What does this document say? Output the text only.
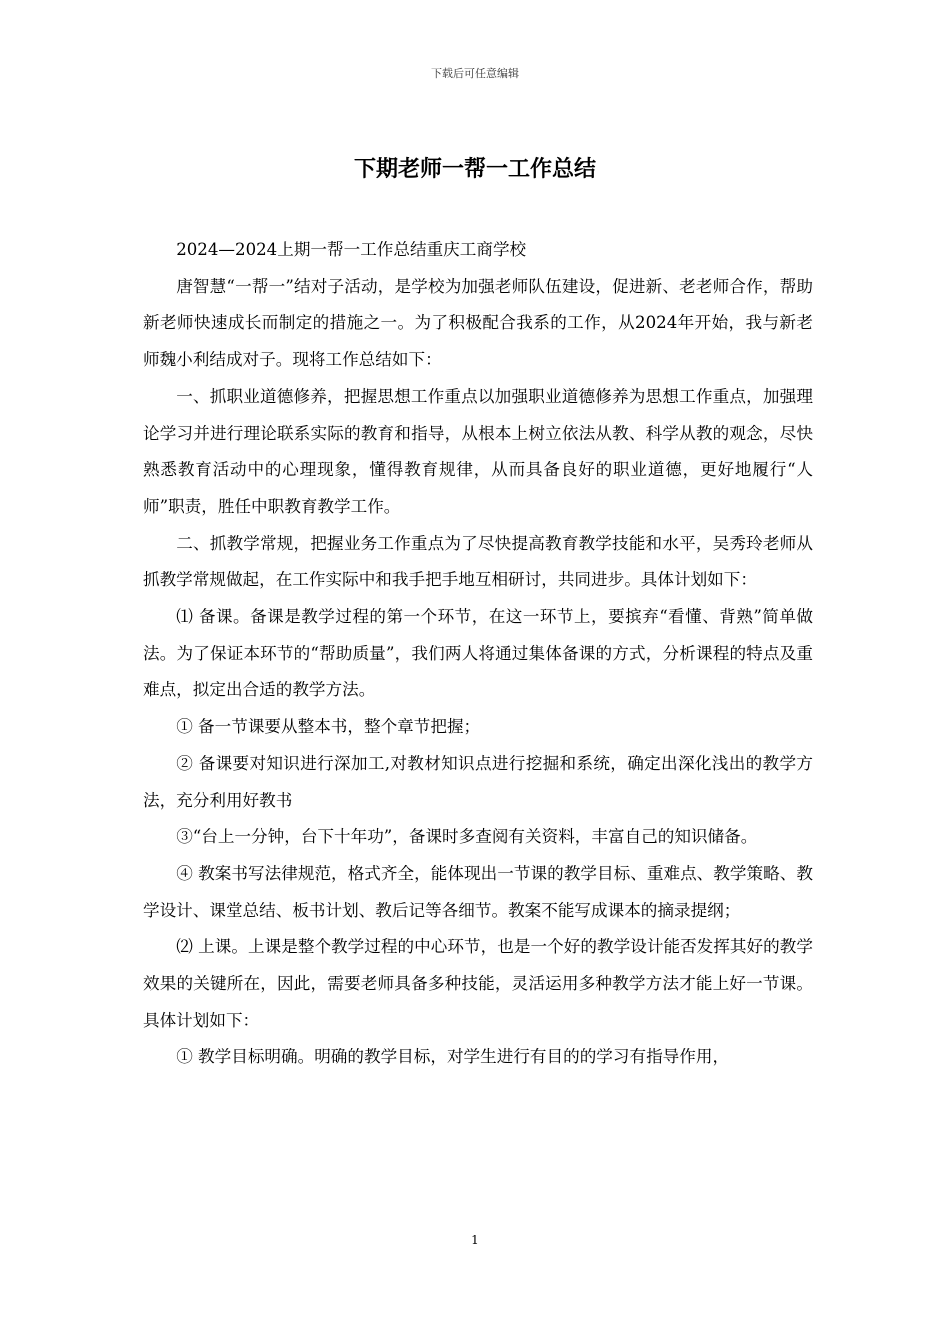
下载后可任意编辑
下期老师一帮一工作总结

2024—2024上期一帮一工作总结重庆工商学校

唐智慧“一帮一”结对子活动，是学校为加强老师队伍建设，促进新、老老师合作，帮助新老师快速成长而制定的措施之一。为了积极配合我系的工作，从2024年开始，我与新老师魏小利结成对子。现将工作总结如下：

一、抓职业道德修养，把握思想工作重点以加强职业道德修养为思想工作重点，加强理论学习并进行理论联系实际的教育和指导，从根本上树立依法从教、科学从教的观念，尽快熟悉教育活动中的心理现象，懂得教育规律，从而具备良好的职业道德，更好地履行“人师”职责，胜任中职教育教学工作。

二、抓教学常规，把握业务工作重点为了尽快提高教育教学技能和水平，吴秀玲老师从抓教学常规做起，在工作实际中和我手把手地互相研讨，共同进步。具体计划如下：

⑴ 备课。备课是教学过程的第一个环节，在这一环节上，要摈弃“看懂、背熟”简单做法。为了保证本环节的“帮助质量”，我们两人将通过集体备课的方式，分析课程的特点及重难点，拟定出合适的教学方法。

① 备一节课要从整本书，整个章节把握；

② 备课要对知识进行深加工,对教材知识点进行挖掘和系统，确定出深化浅出的教学方法，充分利用好教书

③“台上一分钟，台下十年功”，备课时多查阅有关资料，丰富自己的知识储备。

④ 教案书写法律规范，格式齐全，能体现出一节课的教学目标、重难点、教学策略、教学设计、课堂总结、板书计划、教后记等各细节。教案不能写成课本的摘录提纲；

⑵ 上课。上课是整个教学过程的中心环节，也是一个好的教学设计能否发挥其好的教学效果的关键所在，因此，需要老师具备多种技能，灵活运用多种教学方法才能上好一节课。具体计划如下：

① 教学目标明确。明确的教学目标，对学生进行有目的的学习有指导作用，

1
